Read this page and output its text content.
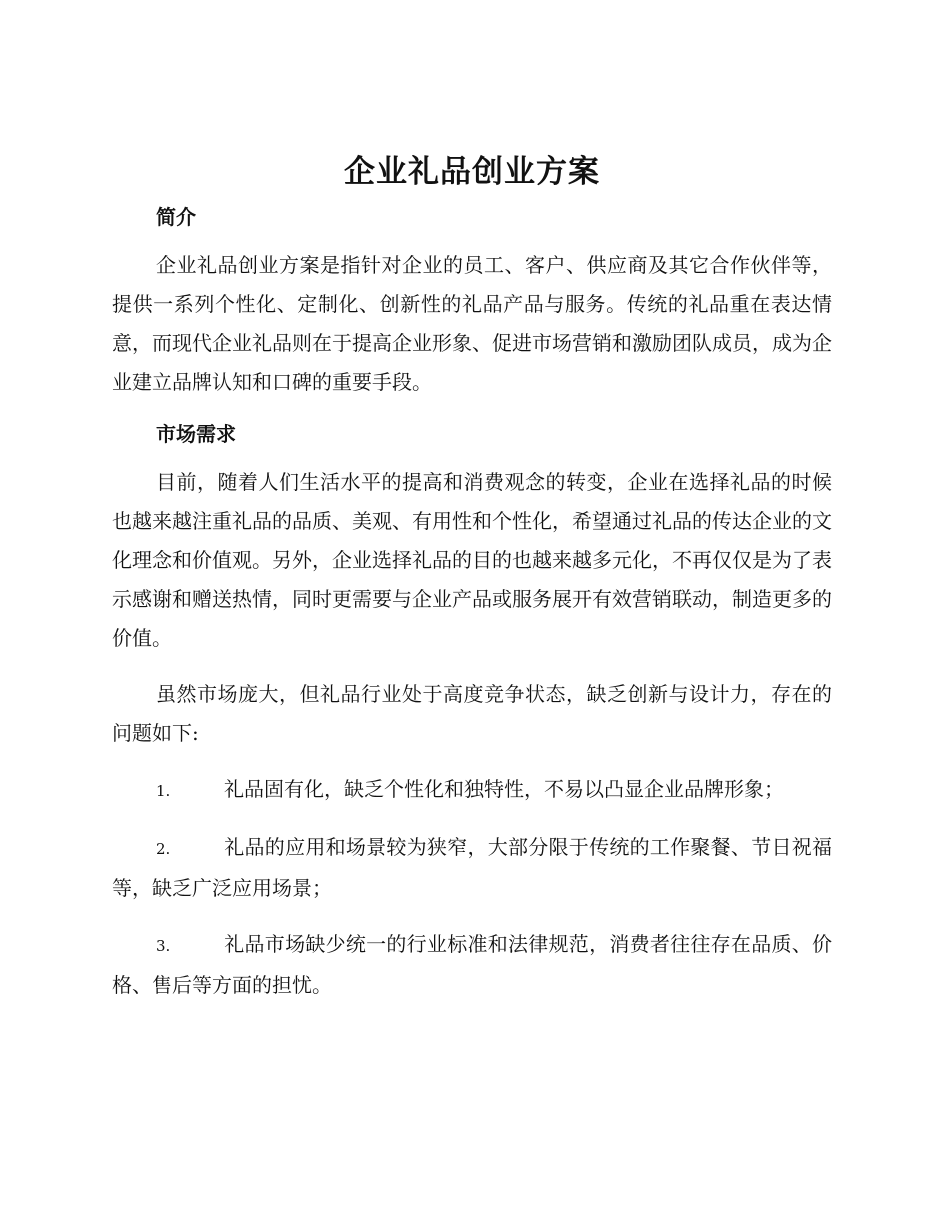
企业礼品创业方案
简介

企业礼品创业方案是指针对企业的员工、客户、供应商及其它合作伙伴等，提供一系列个性化、定制化、创新性的礼品产品与服务。传统的礼品重在表达情意，而现代企业礼品则在于提高企业形象、促进市场营销和激励团队成员，成为企业建立品牌认知和口碑的重要手段。

市场需求

目前，随着人们生活水平的提高和消费观念的转变，企业在选择礼品的时候也越来越注重礼品的品质、美观、有用性和个性化，希望通过礼品的传达企业的文化理念和价值观。另外，企业选择礼品的目的也越来越多元化，不再仅仅是为了表示感谢和赠送热情，同时更需要与企业产品或服务展开有效营销联动，制造更多的价值。

虽然市场庞大，但礼品行业处于高度竞争状态，缺乏创新与设计力，存在的问题如下:

1.	礼品固有化，缺乏个性化和独特性，不易以凸显企业品牌形象；

2.	礼品的应用和场景较为狭窄，大部分限于传统的工作聚餐、节日祝福等，缺乏广泛应用场景；

3.	礼品市场缺少统一的行业标准和法律规范，消费者往往存在品质、价格、售后等方面的担忧。
